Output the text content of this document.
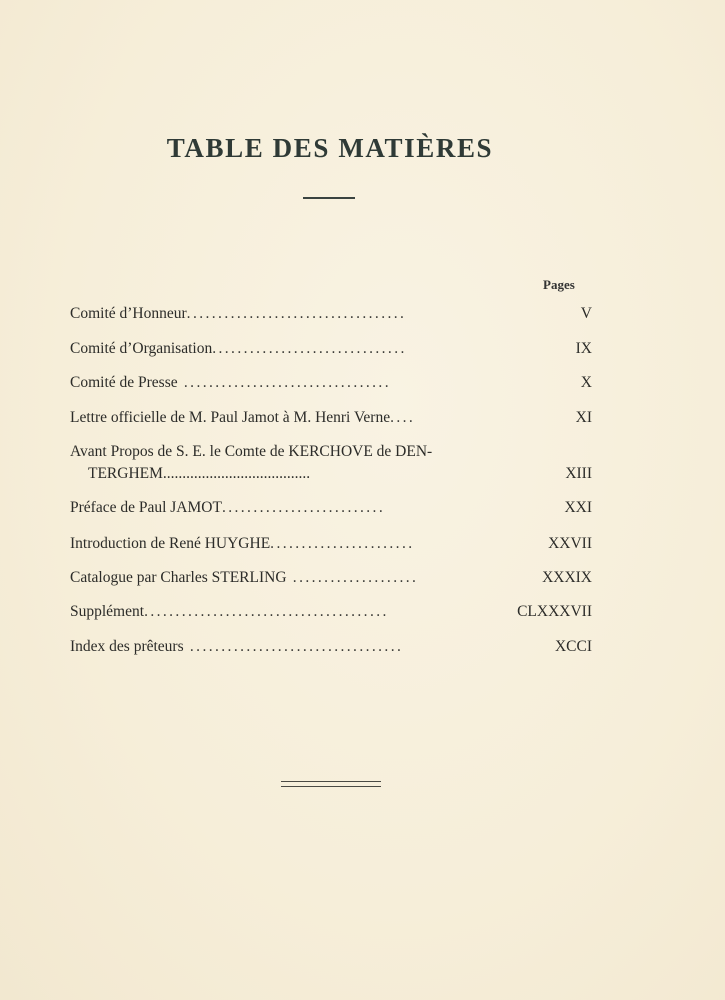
TABLE DES MATIÈRES
Pages
Comité d’Honneur...................................	V
Comité d’Organisation...............................	IX
Comité de Presse .................................	X
Lettre officielle de M. Paul Jamot à M. Henri Verne....	XI
Avant Propos de S. E. le Comte de KERCHOVE de DEN-
TERGHEM......................................	XIII
Préface de Paul JAMOT..........................	XXI
Introduction de René HUYGHE.......................	XXVII
Catalogue par Charles STERLING ....................	XXXIX
Supplément.......................................	CLXXXVII
Index des prêteurs ..................................	XCCI
